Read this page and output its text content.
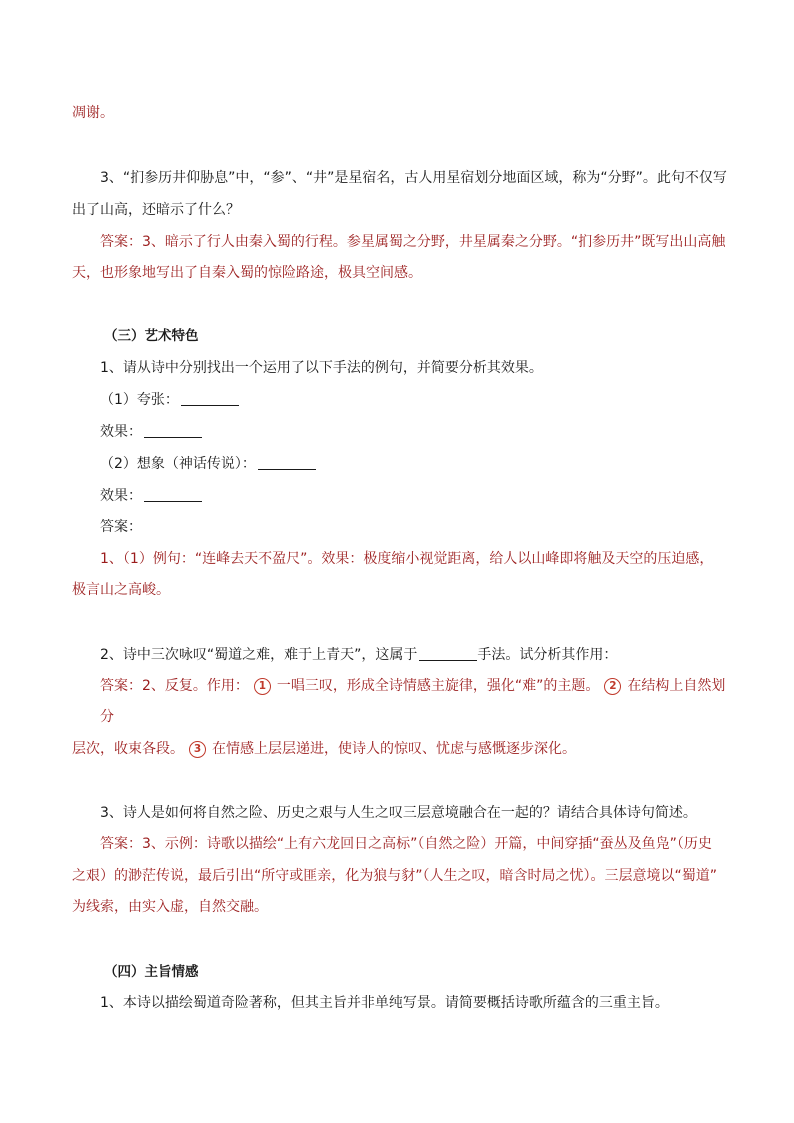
凋谢。
3、“扪参历井仰胁息”中，“参”、“井”是星宿名，古人用星宿划分地面区域，称为“分野”。此句不仅写
出了山高，还暗示了什么？
答案：3、暗示了行人由秦入蜀的行程。参星属蜀之分野，井星属秦之分野。“扪参历井”既写出山高触
天，也形象地写出了自秦入蜀的惊险路途，极具空间感。
（三）艺术特色
1、请从诗中分别找出一个运用了以下手法的例句，并简要分析其效果。
（1）夸张：
效果：
（2）想象（神话传说）：
效果：
答案：
1、（1）例句：“连峰去天不盈尺”。效果：极度缩小视觉距离，给人以山峰即将触及天空的压迫感，
极言山之高峻。
2、诗中三次咏叹“蜀道之难，难于上青天”，这属于	手法。试分析其作用：
答案：2、反复。作用： 1 一唱三叹，形成全诗情感主旋律，强化“难”的主题。 2 在结构上自然划
分
层次，收束各段。 3 在情感上层层递进，使诗人的惊叹、忧虑与感慨逐步深化。
3、诗人是如何将自然之险、历史之艰与人生之叹三层意境融合在一起的？请结合具体诗句简述。
答案：3、示例：诗歌以描绘“上有六龙回日之高标”（自然之险）开篇，中间穿插“蚕丛及鱼凫”（历史
之艰）的渺茫传说，最后引出“所守或匪亲，化为狼与豺”（人生之叹，暗含时局之忧）。三层意境以“蜀道”
为线索，由实入虚，自然交融。
（四）主旨情感
1、本诗以描绘蜀道奇险著称，但其主旨并非单纯写景。请简要概括诗歌所蕴含的三重主旨。
